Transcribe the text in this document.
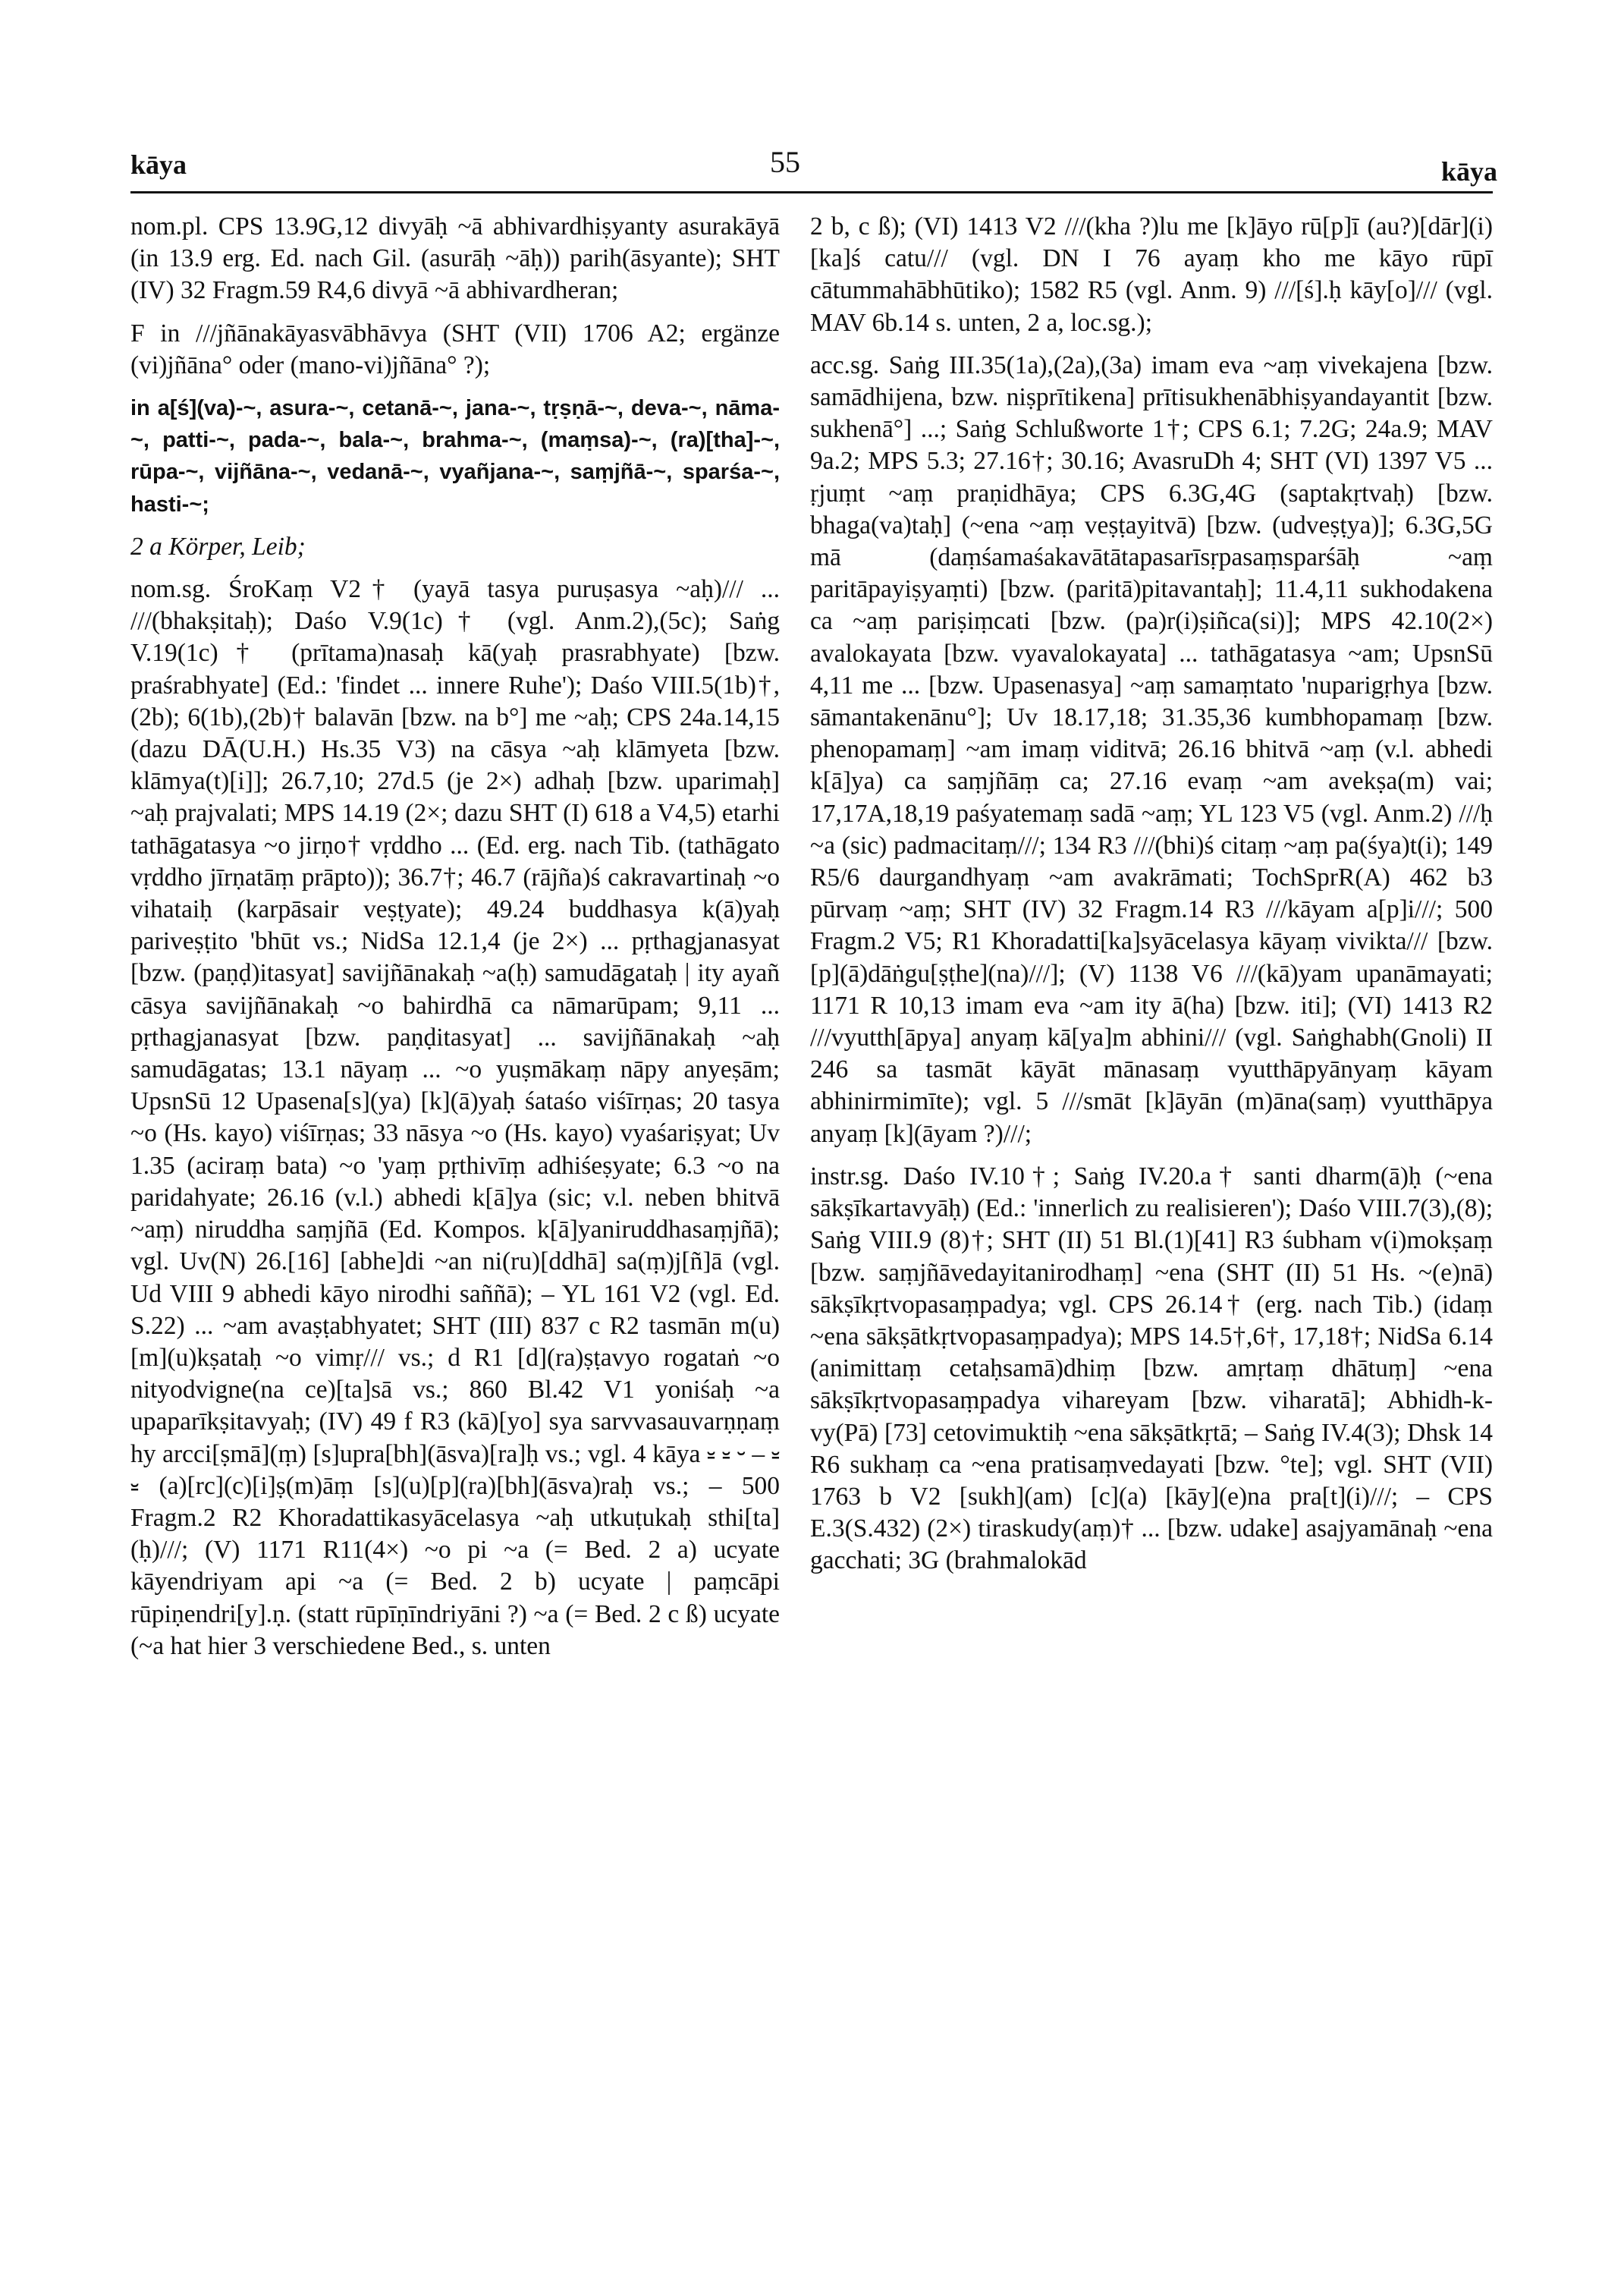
kāya	55	kāya

nom.pl. CPS 13.9G,12 divyāḥ ~ā abhivardhiṣyanty asurakāyā (in 13.9 erg. Ed. nach Gil. (asurāḥ ~āḥ)) parih(āsyante); SHT (IV) 32 Fragm.59 R4,6 divyā ~ā abhivardheran;

F in ///jñānakāyasvābhāvya (SHT (VII) 1706 A2; ergänze (vi)jñāna° oder (mano-vi)jñāna° ?);

in a[ś](va)-~, asura-~, cetanā-~, jana-~, tṛṣṇā-~, deva-~, nāma-~, patti-~, pada-~, bala-~, brahma-~, (maṃsa)-~, (ra)[tha]-~, rūpa-~, vijñāna-~, vedanā-~, vyañjana-~, saṃjñā-~, sparśa-~, hasti-~;

2 a Körper, Leib;

nom.sg. ŚroKaṃ V2† (yayā tasya puruṣasya ~aḥ)/// ... ///(bhakṣitaḥ); Daśo V.9(1c)† (vgl. Anm.2),(5c); Saṅg V.19(1c)† (prītama)nasaḥ kā(yaḥ prasrabhyate) [bzw. praśrabhyate] (Ed.: 'findet ... innere Ruhe'); Daśo VIII.5(1b)†,(2b); 6(1b),(2b)† balavān [bzw. na b°] me ~aḥ; CPS 24a.14,15 (dazu DĀ(U.H.) Hs.35 V3) na cāsya ~aḥ klāmyeta [bzw. klāmya(t)[i]]; 26.7,10; 27d.5 (je 2×) adhaḥ [bzw. uparimaḥ] ~aḥ prajvalati; MPS 14.19 (2×; dazu SHT (I) 618 a V4,5) etarhi tathāgatasya ~o jirṇo† vṛddho ... (Ed. erg. nach Tib. (tathāgato vṛddho jīrṇatāṃ prāpto)); 36.7†; 46.7 (rājña)ś cakravartinaḥ ~o vihataiḥ (karpāsair veṣṭyate); 49.24 buddhasya k(ā)yaḥ pariveṣṭito 'bhūt vs.; NidSa 12.1,4 (je 2×) ... pṛthagjanasyat [bzw. (paṇḍ)itasyat] savijñānakaḥ ~a(ḥ) samudāgataḥ | ity ayañ cāsya savijñānakaḥ ~o bahirdhā ca nāmarūpam; 9,11 ... pṛthagjanasyat [bzw. paṇḍitasyat] ... savijñānakaḥ ~aḥ samudāgatas; 13.1 nāyaṃ ... ~o yuṣmākaṃ nāpy anyeṣām; UpsnSū 12 Upasena[s](ya) [k](ā)yaḥ śataśo viśīrṇas; 20 tasya ~o (Hs. kayo) viśīrṇas; 33 nāsya ~o (Hs. kayo) vyaśariṣyat; Uv 1.35 (aciraṃ bata) ~o 'yaṃ pṛthivīṃ adhiśeṣyate; 6.3 ~o na paridahyate; 26.16 (v.l.) abhedi k[ā]ya (sic; v.l. neben bhitvā ~aṃ) niruddha saṃjñā (Ed. Kompos. k[ā]yaniruddhasaṃjñā); vgl. Uv(N) 26.[16] [abhe]di ~an ni(ru)[ddhā] sa(ṃ)j[ñ]ā (vgl. Ud VIII 9 abhedi kāyo nirodhi saññā); – YL 161 V2 (vgl. Ed. S.22) ... ~am avaṣṭabhyatet; SHT (III) 837 c R2 tasmān m(u)[m](u)kṣataḥ ~o vimṛ/// vs.; d R1 [d](ra)ṣṭavyo rogataṅ ~o nityodvigne(na ce)[ta]sā vs.; 860 Bl.42 V1 yoniśaḥ ~a upaparīkṣitavyaḥ; (IV) 49 f R3 (kā)[yo] sya sarvvasauvarṇṇaṃ hy arcci[ṣmā](ṃ) [s]upra[bh](āsva)[ra]ḥ vs.; vgl. 4 kāya ⏓ ⏓ ⏑ – ⏓ ⏓ (a)[rc](c)[i]ṣ(m)āṃ [s](u)[p](ra)[bh](āsva)raḥ vs.; – 500 Fragm.2 R2 Khoradattikasyācelasya ~aḥ utkuṭukaḥ sthi[ta](ḥ)///; (V) 1171 R11(4×) ~o pi ~a (= Bed. 2 a) ucyate kāyendriyam api ~a (= Bed. 2 b) ucyate | paṃcāpi rūpiṇendri[y].ṇ. (statt rūpīṇīndriyāni ?) ~a (= Bed. 2 c ß) ucyate (~a hat hier 3 verschiedene Bed., s. unten

2 b, c ß); (VI) 1413 V2 ///(kha ?)lu me [k]āyo rū[p]ī (au?)[dār](i)[ka]ś catu/// (vgl. DN I 76 ayaṃ kho me kāyo rūpī cātummahābhūtiko); 1582 R5 (vgl. Anm. 9) ///[ś].ḥ kāy[o]/// (vgl. MAV 6b.14 s. unten, 2 a, loc.sg.);

acc.sg. Saṅg III.35(1a),(2a),(3a) imam eva ~aṃ vivekajena [bzw. samādhijena, bzw. niṣprītikena] prītisukhenābhiṣyandayantit [bzw. sukhenā°] ...; Saṅg Schlußworte 1†; CPS 6.1; 7.2G; 24a.9; MAV 9a.2; MPS 5.3; 27.16†; 30.16; AvasruDh 4; SHT (VI) 1397 V5 ... ṛjuṃt ~aṃ praṇidhāya; CPS 6.3G,4G (saptakṛtvaḥ) [bzw. bhaga(va)taḥ] (~ena ~aṃ veṣṭayitvā) [bzw. (udveṣṭya)]; 6.3G,5G mā (daṃśamaśakavātātapasarīsṛpasaṃsparśāḥ ~aṃ paritāpayiṣyaṃti) [bzw. (paritā)pitavantaḥ]; 11.4,11 sukhodakena ca ~aṃ pariṣiṃcati [bzw. (pa)r(i)ṣiñca(si)]; MPS 42.10(2×) avalokayata [bzw. vyavalokayata] ... tathāgatasya ~am; UpsnSū 4,11 me ... [bzw. Upasenasya] ~aṃ samaṃtato 'nuparigṛhya [bzw. sāmantakenānu°]; Uv 18.17,18; 31.35,36 kumbhopamaṃ [bzw. phenopamaṃ] ~am imaṃ viditvā; 26.16 bhitvā ~aṃ (v.l. abhedi k[ā]ya) ca saṃjñāṃ ca; 27.16 evaṃ ~am avekṣa(m) vai; 17,17A,18,19 paśyatemaṃ sadā ~aṃ; YL 123 V5 (vgl. Anm.2) ///ḥ ~a (sic) padmacitaṃ///; 134 R3 ///(bhi)ś citaṃ ~aṃ pa(śya)t(i); 149 R5/6 daurgandhyaṃ ~am avakrāmati; TochSprR(A) 462 b3 pūrvaṃ ~aṃ; SHT (IV) 32 Fragm.14 R3 ///kāyam a[p]i///; 500 Fragm.2 V5; R1 Khoradatti[ka]syācelasya kāyaṃ vivikta/// [bzw. [p](ā)dāṅgu[ṣṭhe](na)///]; (V) 1138 V6 ///(kā)yam upanāmayati; 1171 R 10,13 imam eva ~am ity ā(ha) [bzw. iti]; (VI) 1413 R2 ///vyutth[āpya] anyaṃ kā[ya]m abhini/// (vgl. Saṅghabh(Gnoli) II 246 sa tasmāt kāyāt mānasaṃ vyutthāpyānyaṃ kāyam abhinirmimīte); vgl. 5 ///smāt [k]āyān (m)āna(saṃ) vyutthāpya anyaṃ [k](āyam ?)///;

instr.sg. Daśo IV.10†; Saṅg IV.20.a† santi dharm(ā)ḥ (~ena sākṣīkartavyāḥ) (Ed.: 'innerlich zu realisieren'); Daśo VIII.7(3),(8); Saṅg VIII.9 (8)†; SHT (II) 51 Bl.(1)[41] R3 śubham v(i)mokṣaṃ [bzw. saṃjñāvedayitanirodhaṃ] ~ena (SHT (II) 51 Hs. ~(e)nā) sākṣīkṛtvopasaṃpadya; vgl. CPS 26.14† (erg. nach Tib.) (idaṃ ~ena sākṣātkṛtvopasaṃpadya); MPS 14.5†,6†, 17,18†; NidSa 6.14 (animittaṃ cetaḥsamā)dhiṃ [bzw. amṛtaṃ dhātuṃ] ~ena sākṣīkṛtvopasaṃpadya vihareyam [bzw. viharatā]; Abhidh-k-vy(Pā) [73] cetovimuktiḥ ~ena sākṣātkṛtā; – Saṅg IV.4(3); Dhsk 14 R6 sukhaṃ ca ~ena pratisaṃvedayati [bzw. °te]; vgl. SHT (VII) 1763 b V2 [sukh](am) [c](a) [kāy](e)na pra[t](i)///; – CPS E.3(S.432) (2×) tiraskudy(aṃ)† ... [bzw. udake] asajyamānaḥ ~ena gacchati; 3G (brahmalokād
